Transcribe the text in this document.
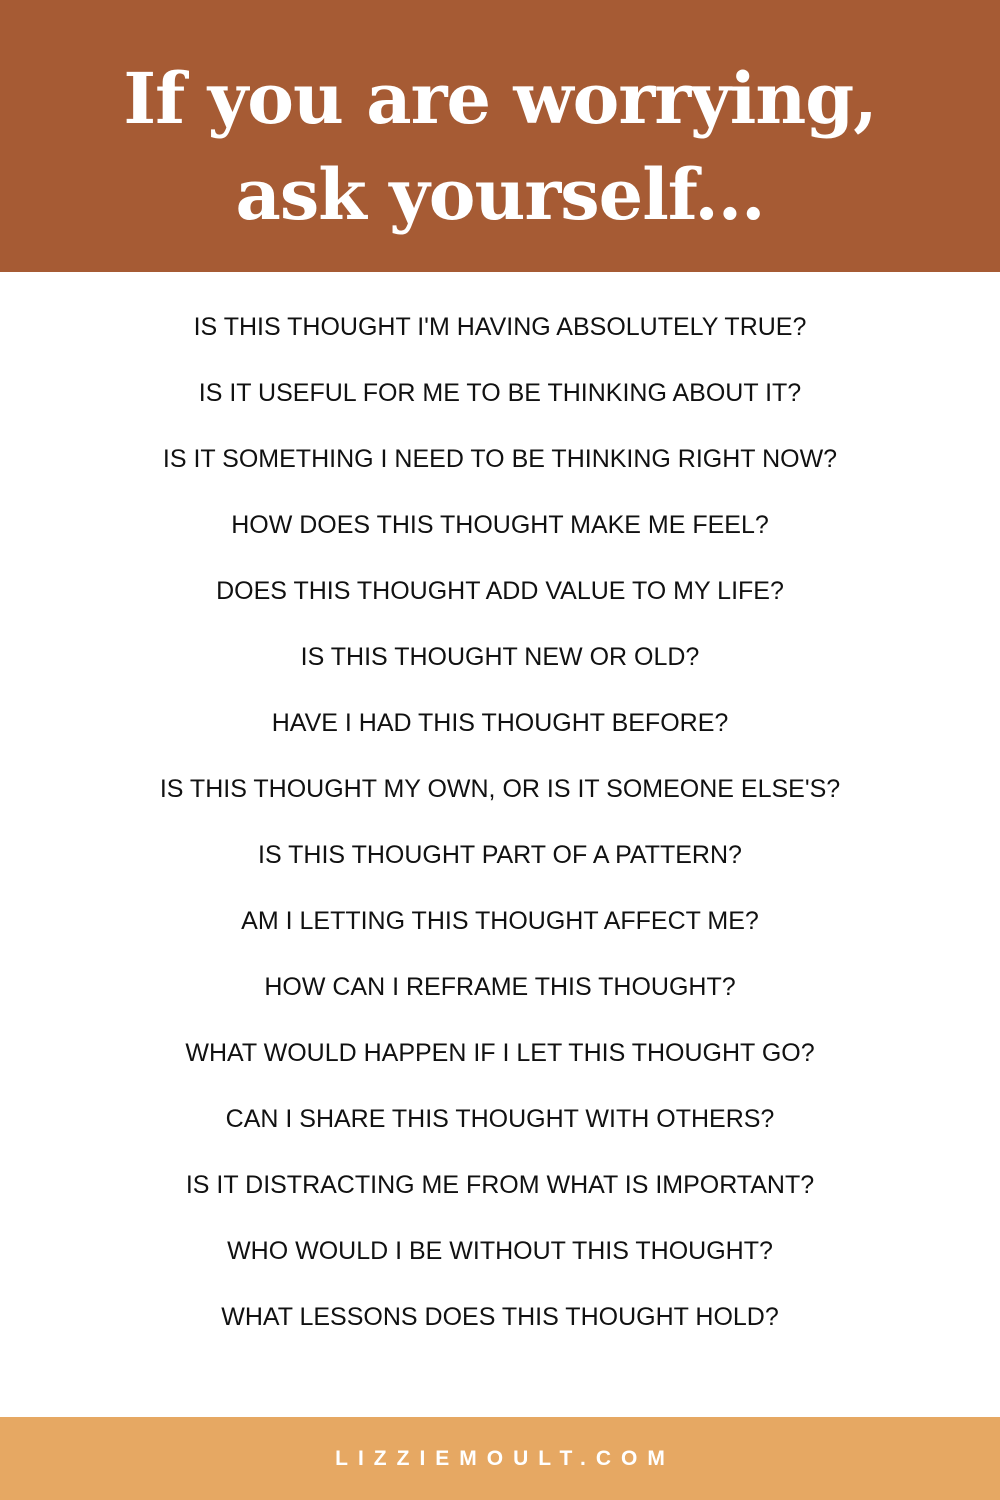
If you are worrying,
ask yourself...
IS THIS THOUGHT I'M HAVING ABSOLUTELY TRUE?
IS IT USEFUL FOR ME TO BE THINKING ABOUT IT?
IS IT SOMETHING I NEED TO BE THINKING RIGHT NOW?
HOW DOES THIS THOUGHT MAKE ME FEEL?
DOES THIS THOUGHT ADD VALUE TO MY LIFE?
IS THIS THOUGHT NEW OR OLD?
HAVE I HAD THIS THOUGHT BEFORE?
IS THIS THOUGHT MY OWN, OR IS IT SOMEONE ELSE'S?
IS THIS THOUGHT PART OF A PATTERN?
AM I LETTING THIS THOUGHT AFFECT ME?
HOW CAN I REFRAME THIS THOUGHT?
WHAT WOULD HAPPEN IF I LET THIS THOUGHT GO?
CAN I SHARE THIS THOUGHT WITH OTHERS?
IS IT DISTRACTING ME FROM WHAT IS IMPORTANT?
WHO WOULD I BE WITHOUT THIS THOUGHT?
WHAT LESSONS DOES THIS THOUGHT HOLD?
LIZZIEMOULT.COM
